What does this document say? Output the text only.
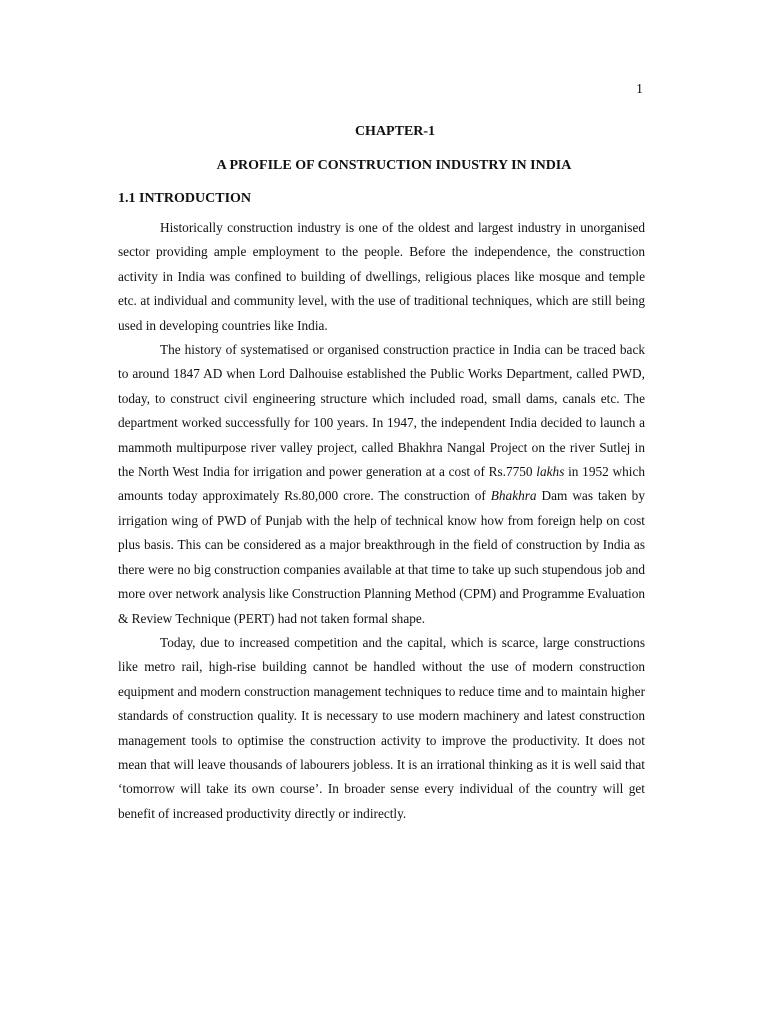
1
CHAPTER-1
A PROFILE OF CONSTRUCTION INDUSTRY IN INDIA
1.1 INTRODUCTION

Historically construction industry is one of the oldest and largest industry in unorganised sector providing ample employment to the people. Before the independence, the construction activity in India was confined to building of dwellings, religious places like mosque and temple etc. at individual and community level, with the use of traditional techniques, which are still being used in developing countries like India.

The history of systematised or organised construction practice in India can be traced back to around 1847 AD when Lord Dalhouise established the Public Works Department, called PWD, today, to construct civil engineering structure which included road, small dams, canals etc. The department worked successfully for 100 years. In 1947, the independent India decided to launch a mammoth multipurpose river valley project, called Bhakhra Nangal Project on the river Sutlej in the North West India for irrigation and power generation at a cost of Rs.7750 lakhs in 1952 which amounts today approximately Rs.80,000 crore. The construction of Bhakhra Dam was taken by irrigation wing of PWD of Punjab with the help of technical know how from foreign help on cost plus basis. This can be considered as a major breakthrough in the field of construction by India as there were no big construction companies available at that time to take up such stupendous job and more over network analysis like Construction Planning Method (CPM) and Programme Evaluation & Review Technique (PERT) had not taken formal shape.

Today, due to increased competition and the capital, which is scarce, large constructions like metro rail, high-rise building cannot be handled without the use of modern construction equipment and modern construction management techniques to reduce time and to maintain higher standards of construction quality. It is necessary to use modern machinery and latest construction management tools to optimise the construction activity to improve the productivity. It does not mean that will leave thousands of labourers jobless. It is an irrational thinking as it is well said that ‘tomorrow will take its own course’. In broader sense every individual of the country will get benefit of increased productivity directly or indirectly.
